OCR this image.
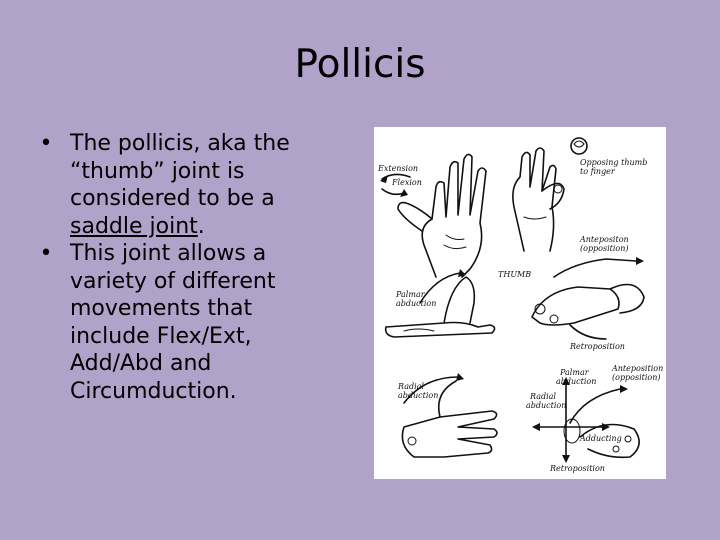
Pollicis
• The pollicis, aka the “thumb” joint is considered to be a saddle joint.
• This joint allows a variety of different movements that include Flex/Ext, Add/Abd and Circumduction.
Extension
Flexion
Opposing thumb
to finger
Antepositon
(opposition)
THUMB
Palmar
abduction
Retroposition
Radial
abduction
Palmar
abduction
Anteposition
(opposition)
Radial
abduction
Adducting
Retroposition
